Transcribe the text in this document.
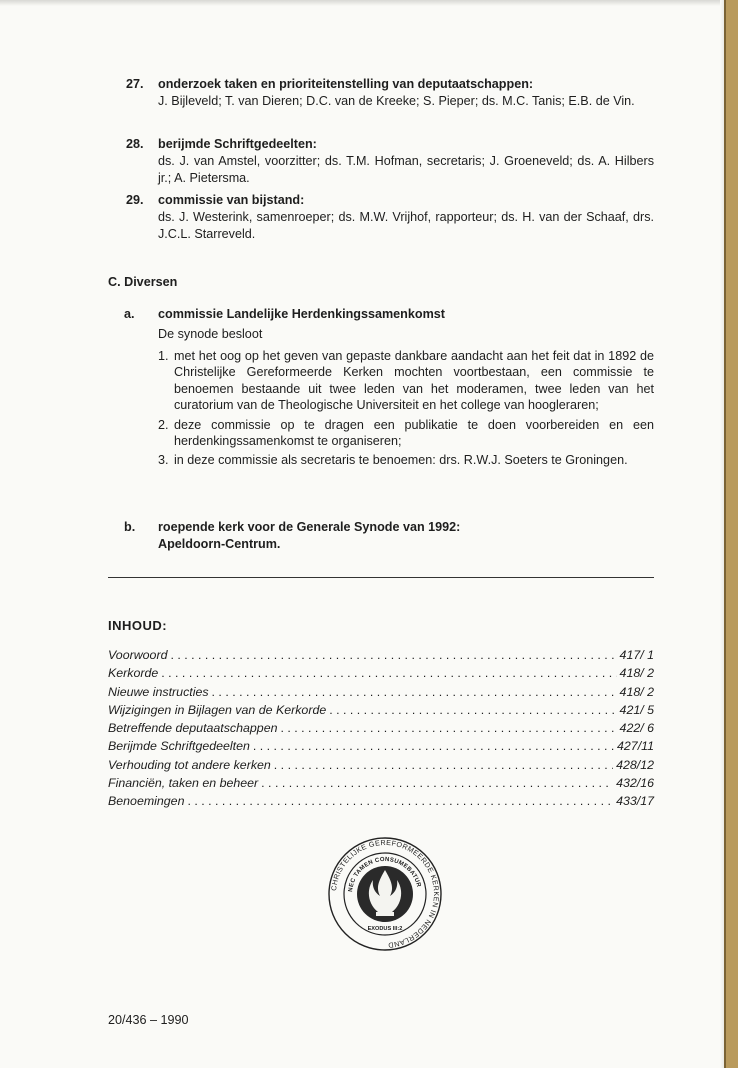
27. onderzoek taken en prioriteitenstelling van deputaatschappen:
J. Bijleveld; T. van Dieren; D.C. van de Kreeke; S. Pieper; ds. M.C. Tanis; E.B. de Vin.
28. berijmde Schriftgedeelten:
ds. J. van Amstel, voorzitter; ds. T.M. Hofman, secretaris; J. Groeneveld; ds. A. Hilbers jr.; A. Pietersma.
29. commissie van bijstand:
ds. J. Westerink, samenroeper; ds. M.W. Vrijhof, rapporteur; ds. H. van der Schaaf, drs. J.C.L. Starreveld.
C. Diversen
a. commissie Landelijke Herdenkingssamenkomst
De synode besloot
1. met het oog op het geven van gepaste dankbare aandacht aan het feit dat in 1892 de Christelijke Gereformeerde Kerken mochten voortbestaan, een commissie te benoemen bestaande uit twee leden van het moderamen, twee leden van het curatorium van de Theologische Universiteit en het college van hoogleraren;
2. deze commissie op te dragen een publikatie te doen voorbereiden en een herdenkingssamenkomst te organiseren;
3. in deze commissie als secretaris te benoemen: drs. R.W.J. Soeters te Groningen.
b. roepende kerk voor de Generale Synode van 1992:
Apeldoorn-Centrum.
INHOUD:
Voorwoord . . .	417/ 1
Kerkorde . . .	418/ 2
Nieuwe instructies . . .	418/ 2
Wijzigingen in Bijlagen van de Kerkorde . . .	421/ 5
Betreffende deputaatschappen . . .	422/ 6
Berijmde Schriftgedeelten . . .	427/11
Verhouding tot andere kerken . . .	428/12
Financiën, taken en beheer . . .	432/16
Benoemingen . . .	433/17
CHRISTELIJKE GEREFORMEERDE KERKEN IN NEDERLAND
NEC TAMEN CONSUMEBATUR
EXODUS III:2
20/436 – 1990
